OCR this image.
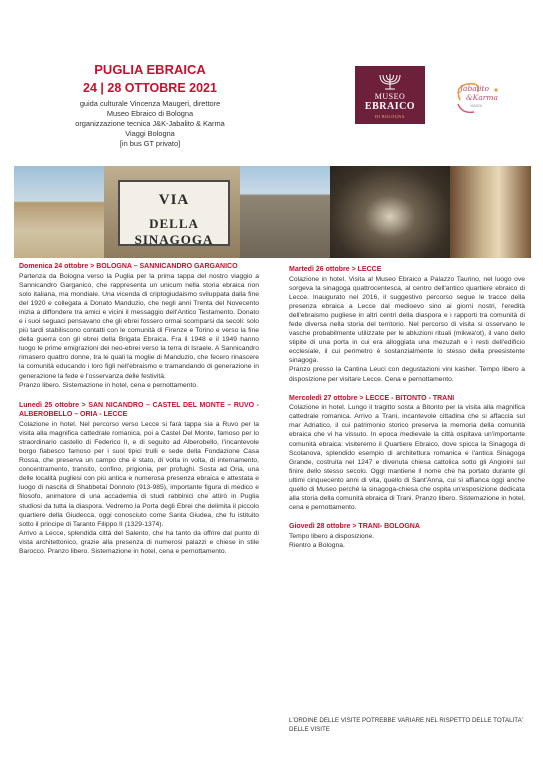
PUGLIA EBRAICA
24 | 28 OTTOBRE 2021
guida culturale Vincenza Maugeri, direttore
Museo Ebraico di Bologna
organizzazione tecnica J&K-Jabalito & Karma
Viaggi Bologna
[in bus GT privato]
MUSEO
EBRAICO
DI BOLOGNA
Jabalito
&Karma
VIAGGI
VIA
DELLA SINAGOGA
Domenica 24 ottobre > BOLOGNA – SANNICANDRO GARGANICO
Partenza da Bologna verso la Puglia per la prima tappa del nostro viaggio a Sannicandro Garganico, che rappresenta un unicum nella storia ebraica non solo italiana, ma mondiale. Una vicenda di criptogiudaismo sviluppata dalla fine del 1920 e collegata a Donato Manduzio, che negli anni Trenta del Novecento inizia a diffondere tra amici e vicini il messaggio dell'Antico Testamento. Donato e i suoi seguaci pensavano che gli ebrei fossero ormai scomparsi da secoli: solo più tardi stabiliscono contatti con le comunità di Firenze e Torino e verso la fine della guerra con gli ebrei della Brigata Ebraica. Fra il 1948 e il 1949 hanno luogo le prime emigrazioni dei neo-ebrei verso la terra di Israele. A Sannicandro rimasero quattro donne, tra le quali la moglie di Manduzio, che fecero rinascere la comunità educando i loro figli nell'ebraismo e tramandando di generazione in generazione la fede e l'osservanza delle festività.
Pranzo libero. Sistemazione in hotel, cena e pernottamento.
Lunedì 25 ottobre > SAN NICANDRO – CASTEL DEL MONTE – RUVO - ALBEROBELLO – ORIA - LECCE
Colazione in hotel. Nel percorso verso Lecce si farà tappa sia a Ruvo per la visita alla magnifica cattedrale romanica, poi a Castel Del Monte, famoso per lo straordinario castello di Federico II, e di seguito ad Alberobello, l'incantevole borgo fiabesco famoso per i suoi tipici trulli e sede della Fondazione Casa Rossa, che preserva un campo che è stato, di volta in volta, di internamento, concentramento, transito, confino, prigionia, per profughi. Sosta ad Oria, una delle località pugliesi con più antica e numerosa presenza ebraica e attestata e luogo di nascita di Shabbetai Donnolo (913-985), importante figura di medico e filosofo, animatore di una accademia di studi rabbinici che attirò in Puglia studiosi da tutta la diaspora. Vedremo la Porta degli Ebrei che delimita il piccolo quartiere della Giudecca, oggi conosciuto come Santa Giudea, che fu istituito sotto il principe di Taranto Filippo II (1329-1374).
Arrivo a Lecce, splendida città del Salento, che ha tanto da offrire dal punto di vista architettonico, grazie alla presenza di numerosi palazzi e chiese in stile Barocco. Pranzo libero. Sistemazione in hotel, cena e pernottamento.
Martedì 26 ottobre > LECCE
Colazione in hotel. Visita al Museo Ebraico a Palazzo Taurino, nel luogo ove sorgeva la sinagoga quattrocentesca, al centro dell'antico quartiere ebraico di Lecce. Inaugurato nel 2016, il suggestivo percorso segue le tracce della presenza ebraica a Lecce dal medioevo sino ai giorni nostri, l'eredità dell'ebraismo pugliese in altri centri della diaspora e i rapporti tra comunità di fede diversa nella storia del territorio. Nel percorso di visita si osservano le vasche probabilmente utilizzate per le abluzioni rituali (mikwa'ot), il vano dello stipite di una porta in cui era alloggiata una mezuzah e i resti dell'edificio ecclesiale, il cui perimetro è sostanzialmente lo stesso della preesistente sinagoga.
Pranzo presso la Cantina Leuci con degustazioni vini kasher. Tempo libero a disposizione per visitare Lecce. Cena e pernottamento.
Mercoledì 27 ottobre > LECCE - BITONTO - TRANI
Colazione in hotel. Lungo il tragitto sosta a Bitonto per la visita alla magnifica cattedrale romanica. Arrivo a Trani, incantevole cittadina che si affaccia sul mar Adriatico, il cui patrimonio storico preserva la memoria della comunità ebraica che vi ha vissuto. In epoca medievale la città ospitava un'importante comunità ebraica: visiteremo il Quartiere Ebraico, dove spicca la Sinagoga di Scolanova, splendido esempio di architettura romanica e l'antica Sinagoga Grande, costruita nel 1247 e divenuta chiesa cattolica sotto gli Angioini sul finire dello stesso secolo. Oggi mantiene il nome che ha portato durante gli ultimi cinquecento anni di vita, quello di Sant'Anna, cui si affianca oggi anche quello di Museo perché la sinagoga-chiesa che ospita un'esposizione dedicata alla storia della comunità ebraica di Trani. Pranzo libero. Sistemazione in hotel, cena e pernottamento.
Giovedì 28 ottobre > TRANI- BOLOGNA
Tempo libero a disposizione.
Rientro a Bologna.
L'ORDINE DELLE VISITE POTREBBE VARIARE NEL RISPETTO DELLE TOTALITA' DELLE VISITE
